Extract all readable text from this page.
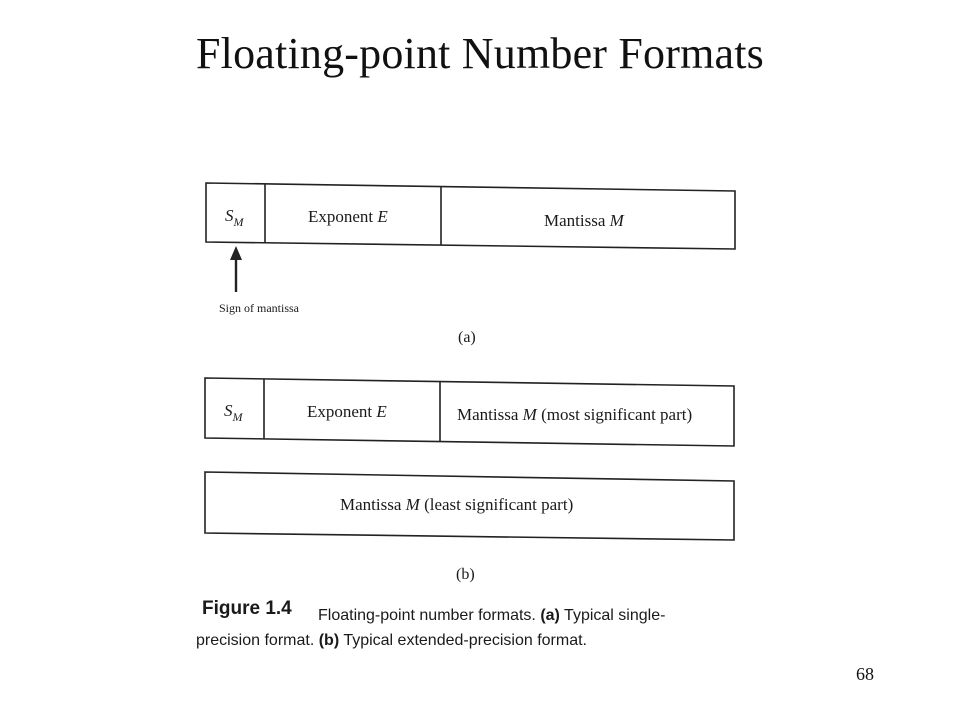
Floating-point Number Formats
$S_M$	Exponent E	Mantissa M
Sign of mantissa
(a)
$S_M$	Exponent E	Mantissa M (most significant part)
Mantissa M (least significant part)
(b)
Figure 1.4 Floating-point number formats. (a) Typical single-
precision format. (b) Typical extended-precision format.
68
